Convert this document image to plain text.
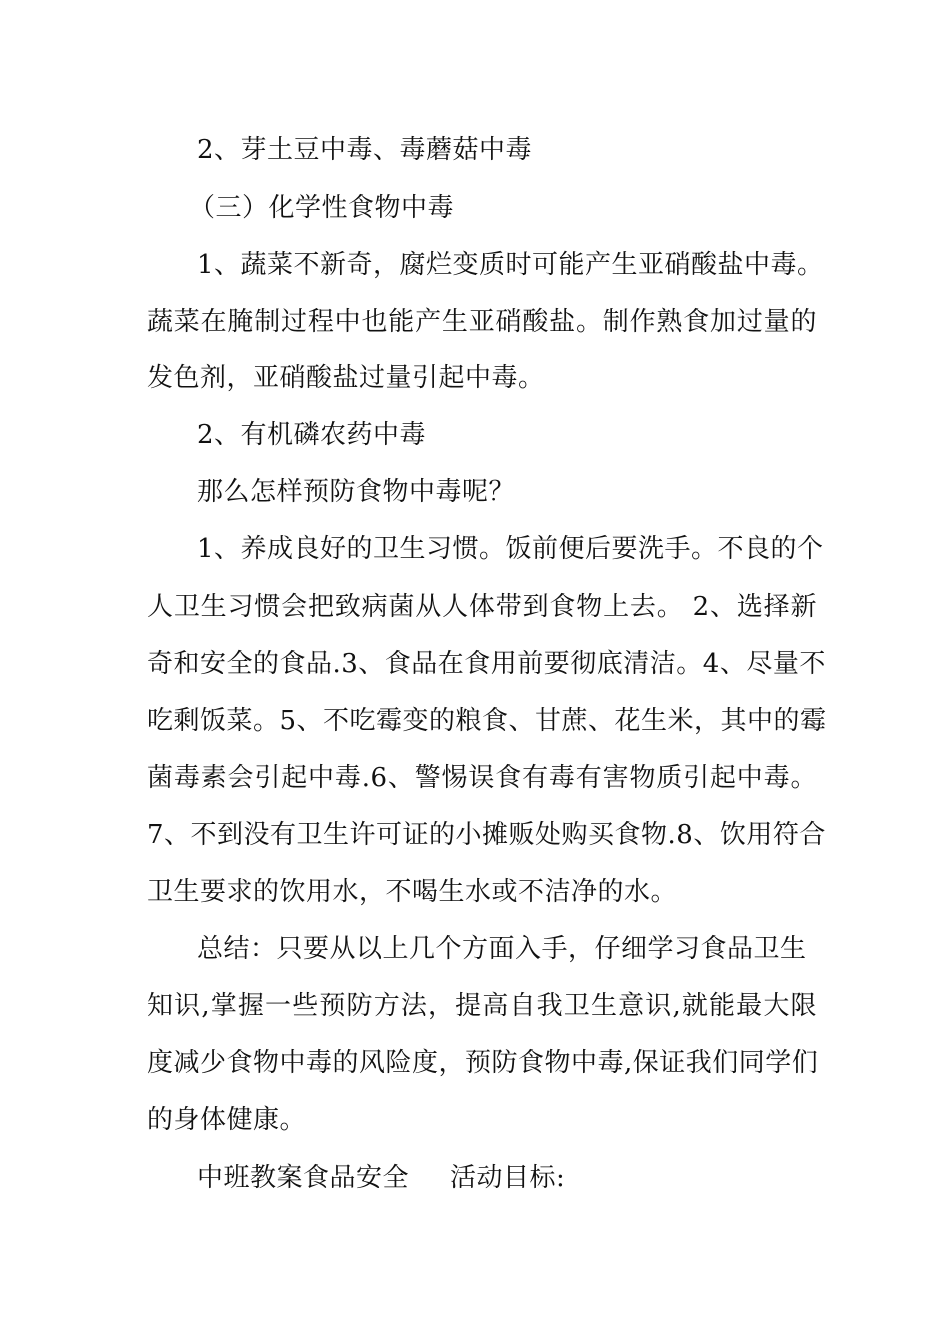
2、芽土豆中毒、毒蘑菇中毒
（三）化学性食物中毒
1、蔬菜不新奇，腐烂变质时可能产生亚硝酸盐中毒。
蔬菜在腌制过程中也能产生亚硝酸盐。制作熟食加过量的
发色剂，亚硝酸盐过量引起中毒。
2、有机磷农药中毒
那么怎样预防食物中毒呢？
1、养成良好的卫生习惯。饭前便后要洗手。不良的个
人卫生习惯会把致病菌从人体带到食物上去。 2、选择新
奇和安全的食品.3、食品在食用前要彻底清洁。4、尽量不
吃剩饭菜。5、不吃霉变的粮食、甘蔗、花生米，其中的霉
菌毒素会引起中毒.6、警惕误食有毒有害物质引起中毒。
7、不到没有卫生许可证的小摊贩处购买食物.8、饮用符合
卫生要求的饮用水，不喝生水或不洁净的水。
总结：只要从以上几个方面入手，仔细学习食品卫生
知识,掌握一些预防方法，提高自我卫生意识,就能最大限
度减少食物中毒的风险度，预防食物中毒,保证我们同学们
的身体健康。
中班教案食品安全 活动目标:
